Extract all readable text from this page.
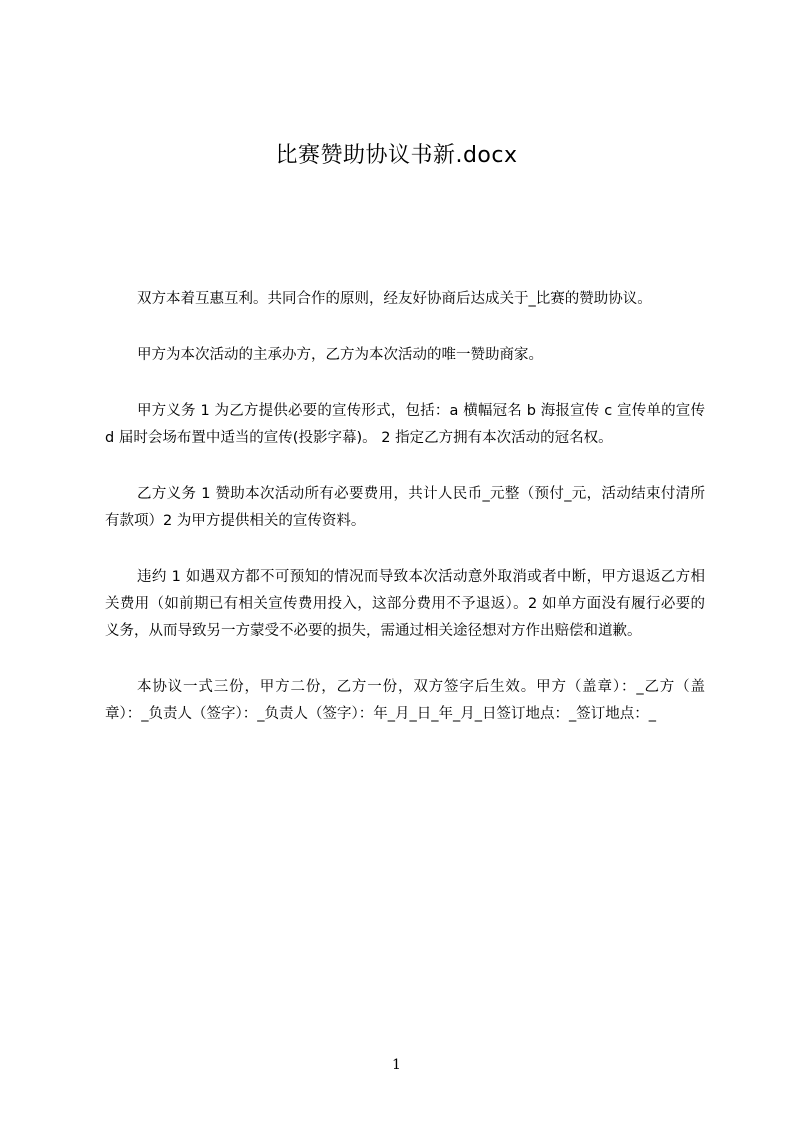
比赛赞助协议书新.docx

双方本着互惠互利。共同合作的原则，经友好协商后达成关于_比赛的赞助协议。

甲方为本次活动的主承办方，乙方为本次活动的唯一赞助商家。

甲方义务 1 为乙方提供必要的宣传形式，包括：a 横幅冠名 b 海报宣传 c 宣传单的宣传 d 届时会场布置中适当的宣传(投影字幕)。 2 指定乙方拥有本次活动的冠名权。

乙方义务 1 赞助本次活动所有必要费用，共计人民币_元整（预付_元，活动结束付清所有款项）2 为甲方提供相关的宣传资料。

违约 1 如遇双方都不可预知的情况而导致本次活动意外取消或者中断，甲方退返乙方相关费用（如前期已有相关宣传费用投入，这部分费用不予退返）。2 如单方面没有履行必要的义务，从而导致另一方蒙受不必要的损失，需通过相关途径想对方作出赔偿和道歉。

本协议一式三份，甲方二份，乙方一份，双方签字后生效。甲方（盖章）：_乙方（盖章）：_负责人（签字）：_负责人（签字）：年_月_日_年_月_日签订地点：_签订地点：_

1
